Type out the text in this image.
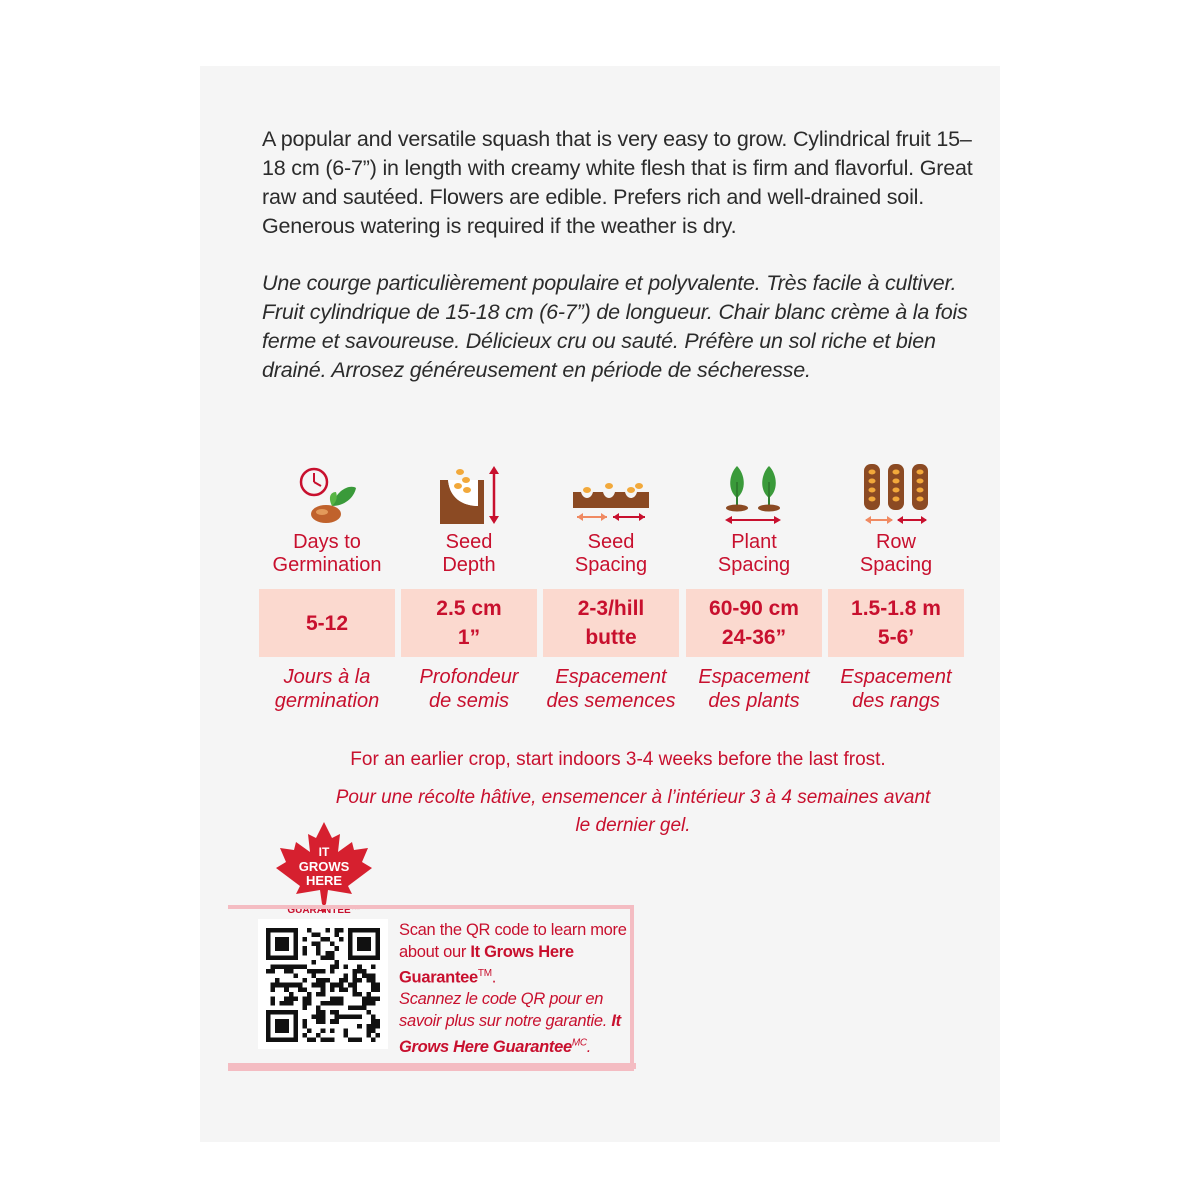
A popular and versatile squash that is very easy to grow. Cylindrical fruit 15–18 cm (6-7”) in length with creamy white flesh that is firm and flavorful. Great raw and sautéed. Flowers are edible. Prefers rich and well-drained soil. Generous watering is required if the weather is dry.
Une courge particulièrement populaire et polyvalente. Très facile à cultiver. Fruit cylindrique de 15-18 cm (6-7”) de longueur. Chair blanc crème à la fois ferme et savoureuse. Délicieux cru ou sauté. Préfère un sol riche et bien drainé. Arrosez généreusement en période de sécheresse.
Days to
Germination
5-12
Jours à la
germination
Seed
Depth
2.5 cm
1”
Profondeur
de semis
Seed
Spacing
2-3/hill
butte
Espacement
des semences
Plant
Spacing
60-90 cm
24-36”
Espacement
des plants
Row
Spacing
1.5-1.8 m
5-6’
Espacement
des rangs
For an earlier crop, start indoors 3-4 weeks before the last frost.
Pour une récolte hâtive, ensemencer à l’intérieur 3 à 4 semaines avant
le dernier gel.
IT
GROWS
HERE
GUARANTEE™
Scan the QR code to learn more about our It Grows Here Guarantee™.
Scannez le code QR pour en savoir plus sur notre garantie. It Grows Here Guarantee$^{MC}$.
